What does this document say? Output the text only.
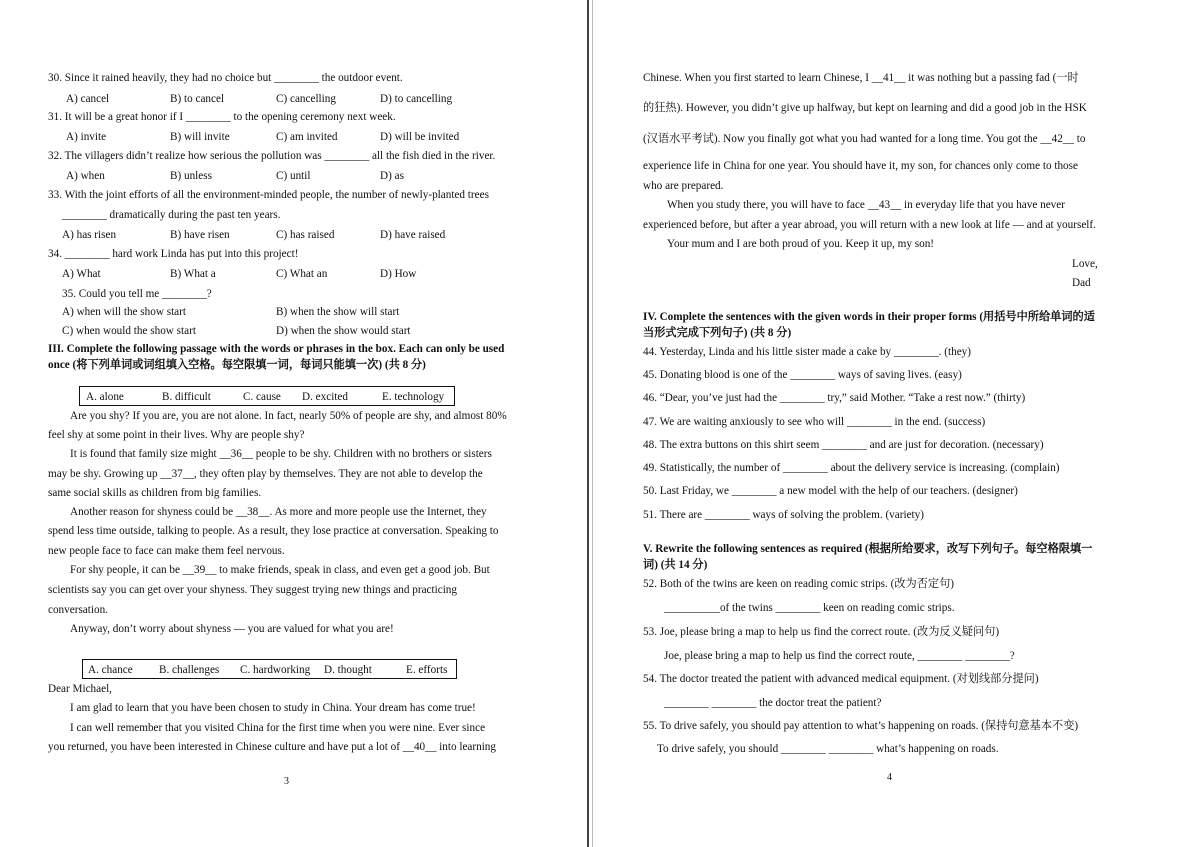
30. Since it rained heavily, they had no choice but ________ the outdoor event.
A) cancel	B) to cancel	C) cancelling	D) to cancelling
31. It will be a great honor if I ________ to the opening ceremony next week.
A) invite	B) will invite	C) am invited	D) will be invited
32. The villagers didn’t realize how serious the pollution was ________ all the fish died in the river.
A) when	B) unless	C) until	D) as
33. With the joint efforts of all the environment-minded people, the number of newly-planted trees
________ dramatically during the past ten years.
A) has risen	B) have risen	C) has raised	D) have raised
34. ________ hard work Linda has put into this project!
A) What	B) What a	C) What an	D) How
35. Could you tell me ________?
A) when will the show start	B) when the show will start
C) when would the show start	D) when the show would start
III. Complete the following passage with the words or phrases in the box. Each can only be used
once (将下列单词或词组填入空格。每空限填一词，每词只能填一次) (共 8 分)
A. alone	B. difficult	C. cause D. excited	E. technology
Are you shy? If you are, you are not alone. In fact, nearly 50% of people are shy, and almost 80%
feel shy at some point in their lives. Why are people shy?
It is found that family size might __36__ people to be shy. Children with no brothers or sisters
may be shy. Growing up __37__, they often play by themselves. They are not able to develop the
same social skills as children from big families.
Another reason for shyness could be __38__. As more and more people use the Internet, they
spend less time outside, talking to people. As a result, they lose practice at conversation. Speaking to
new people face to face can make them feel nervous.
For shy people, it can be __39__ to make friends, speak in class, and even get a good job. But
scientists say you can get over your shyness. They suggest trying new things and practicing
conversation.
Anyway, don’t worry about shyness — you are valued for what you are!
A. chance B. challenges C. hardworking D. thought	E. efforts
Dear Michael,
I am glad to learn that you have been chosen to study in China. Your dream has come true!
I can well remember that you visited China for the first time when you were nine. Ever since
you returned, you have been interested in Chinese culture and have put a lot of __40__ into learning
3
Chinese. When you first started to learn Chinese, I __41__ it was nothing but a passing fad (一时
的狂热). However, you didn’t give up halfway, but kept on learning and did a good job in the HSK
(汉语水平考试). Now you finally got what you had wanted for a long time. You got the __42__ to
experience life in China for one year. You should have it, my son, for chances only come to those
who are prepared.
When you study there, you will have to face __43__ in everyday life that you have never
experienced before, but after a year abroad, you will return with a new look at life — and at yourself.
Your mum and I are both proud of you. Keep it up, my son!
Love,
Dad
IV. Complete the sentences with the given words in their proper forms (用括号中所给单词的适
当形式完成下列句子) (共 8 分)
44. Yesterday, Linda and his little sister made a cake by ________. (they)
45. Donating blood is one of the ________ ways of saving lives. (easy)
46. “Dear, you’ve just had the ________ try,” said Mother. “Take a rest now.” (thirty)
47. We are waiting anxiously to see who will ________ in the end. (success)
48. The extra buttons on this shirt seem ________ and are just for decoration. (necessary)
49. Statistically, the number of ________ about the delivery service is increasing. (complain)
50. Last Friday, we ________ a new model with the help of our teachers. (designer)
51. There are ________ ways of solving the problem. (variety)
V. Rewrite the following sentences as required (根据所给要求，改写下列句子。每空格限填一
词) (共 14 分)
52. Both of the twins are keen on reading comic strips. (改为否定句)
__________of the twins ________ keen on reading comic strips.
53. Joe, please bring a map to help us find the correct route. (改为反义疑问句)
Joe, please bring a map to help us find the correct route, ________ ________?
54. The doctor treated the patient with advanced medical equipment. (对划线部分提问)
________ ________ the doctor treat the patient?
55. To drive safely, you should pay attention to what’s happening on roads. (保持句意基本不变)
To drive safely, you should ________ ________ what’s happening on roads.
4
